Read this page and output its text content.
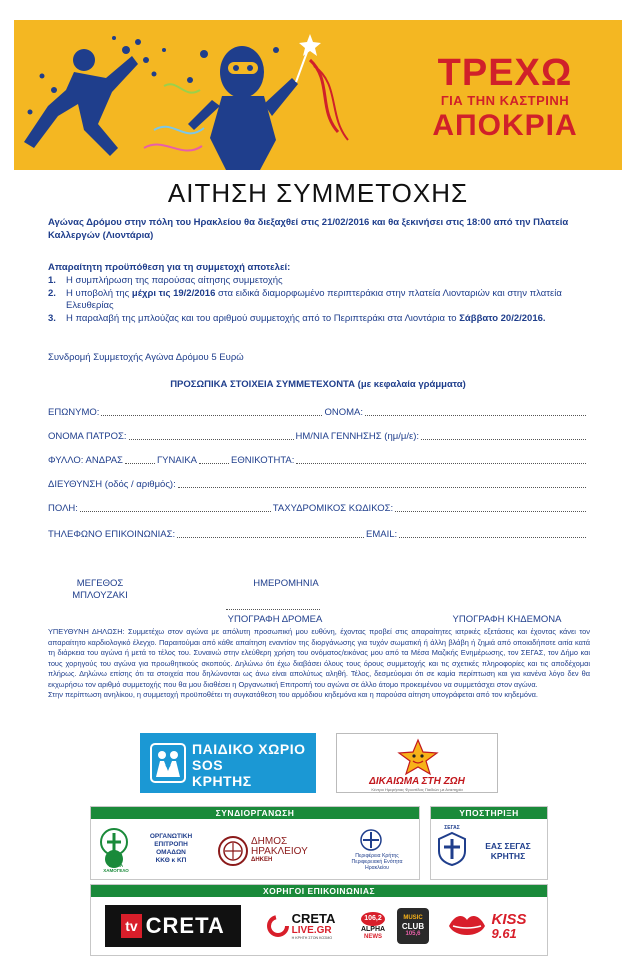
ΤΡΕΧΩ
ΓΙΑ ΤΗΝ ΚΑΣΤΡΙΝΗ
ΑΠΟΚΡΙΑ
ΑΙΤΗΣΗ ΣΥΜΜΕΤΟΧΗΣ
Αγώνας Δρόμου στην πόλη του Ηρακλείου θα διεξαχθεί στις 21/02/2016 και θα ξεκινήσει στις 18:00 από την Πλατεία Καλλεργών (Λιοντάρια)
Απαραίτητη προϋπόθεση για τη συμμετοχή αποτελεί:
1. Η συμπλήρωση της παρούσας αίτησης συμμετοχής
2. Η υποβολή της μέχρι τις 19/2/2016 στα ειδικά διαμορφωμένο περιπτεράκια στην πλατεία Λιονταριών και στην πλατεία Ελευθερίας
3. Η παραλαβή της μπλούζας και του αριθμού συμμετοχής από το Περιπτεράκι στα Λιοντάρια το Σάββατο 20/2/2016.
Συνδρομή Συμμετοχής Αγώνα Δρόμου 5 Ευρώ
ΠΡΟΣΩΠΙΚΑ ΣΤΟΙΧΕΙΑ ΣΥΜΜΕΤΕΧΟΝΤΑ (με κεφαλαία γράμματα)
ΕΠΩΝΥΜΟ:	ΟΝΟΜΑ:
ΟΝΟΜΑ ΠΑΤΡΟΣ:	ΗΜ/ΝΙΑ ΓΕΝΝΗΣΗΣ (ημ/μ/ε):
ΦΥΛΛΟ: ΑΝΔΡΑΣ	ΓΥΝΑΙΚΑ	ΕΘΝΙΚΟΤΗΤΑ:
ΔΙΕΥΘΥΝΣΗ (οδός / αριθμός):
ΠΟΛΗ:	ΤΑΧΥΔΡΟΜΙΚΟΣ ΚΩΔΙΚΟΣ:
ΤΗΛΕΦΩΝΟ ΕΠΙΚΟΙΝΩΝΙΑΣ:	EMAIL:
ΜΕΓΕΘΟΣ
ΜΠΛΟΥΖΑΚΙ
ΗΜΕΡΟΜΗΝΙΑ
ΥΠΟΓΡΑΦΗ ΔΡΟΜΕΑ	ΥΠΟΓΡΑΦΗ ΚΗΔΕΜΟΝΑ
ΥΠΕΥΘΥΝΗ ΔΗΛΩΣΗ: Συμμετέχω στον αγώνα με απόλυτη προσωπική μου ευθύνη, έχοντας προβεί στις απαραίτητες ιατρικές εξετάσεις και έχοντας κάνει τον απαραίτητο καρδιολογικό έλεγχο. Παραιτούμαι από κάθε απαίτηση εναντίον της διοργάνωσης για τυχόν σωματική ή άλλη βλάβη ή ζημιά από οποιαδήποτε αιτία κατά τη διάρκεια του αγώνα ή μετά το τέλος του. Συναινώ στην ελεύθερη χρήση του ονόματος/εικόνας μου από τα Μέσα Μαζικής Ενημέρωσης, τον ΣΕΓΑΣ, τον Δήμο και τους χορηγούς του αγώνα για προωθητικούς σκοπούς. Δηλώνω ότι έχω διαβάσει όλους τους όρους συμμετοχής και τις σχετικές πληροφορίες και τις αποδέχομαι πλήρως. Δηλώνω επίσης ότι τα στοιχεία που δηλώνονται ως άνω είναι απολύτως αληθή. Τέλος, δεσμεύομαι ότι σε καμία περίπτωση και για κανένα λόγο δεν θα εκχωρήσω τον αριθμό συμμετοχής που θα μου διαθέσει η Οργανωτική Επιτροπή του αγώνα σε άλλο άτομο προκειμένου να συμμετάσχει στον αγώνα.
Στην περίπτωση ανηλίκου, η συμμετοχή προϋποθέτει τη συγκατάθεση του αρμόδιου κηδεμόνα και η παρούσα αίτηση υπογράφεται από τον κηδεμόνα.
ΠΑΙΔΙΚΟ ΧΩΡΙΟ
SOS
ΚΡΗΤΗΣ	ΔΙΚΑΙΩΜΑ ΣΤΗ ΖΩΗ
Κέντρο Ημερήσιας Φροντίδας Παιδιών με Αναπηρία
ΣΥΝΔΙΟΡΓΑΝΩΣΗ
ΚΑΘΕ
ΠΑΙΔΙ
Μ'ΕΝΑ
ΧΑΜΟΓΕΛΟ
ΟΡΓΑΝΩΤΙΚΗ
ΕΠΙΤΡΟΠΗ
ΟΜΑΔΩΝ
ΚΚΘ κ ΚΠ
ΔΗΜΟΣ
ΗΡΑΚΛΕΙΟΥ
ΔΗΚΕΗ
Περιφέρεια Κρήτης
Περιφερειακή Ενότητα
Ηρακλείου
ΥΠΟΣΤΗΡΙΞΗ
ΣΕΓΑΣ
ΕΑΣ ΣΕΓΑΣ
ΚΡΗΤΗΣ
ΧΟΡΗΓΟΙ ΕΠΙΚΟΙΝΩΝΙΑΣ
tv CRETA	CRETA
LIVE.GR
Η ΚΡΗΤΗ ΣΤΟΝ ΚΟΣΜΟ
106,2
ALPHA
NEWS
MUSIC
CLUB
105,6
KISS
9.61
